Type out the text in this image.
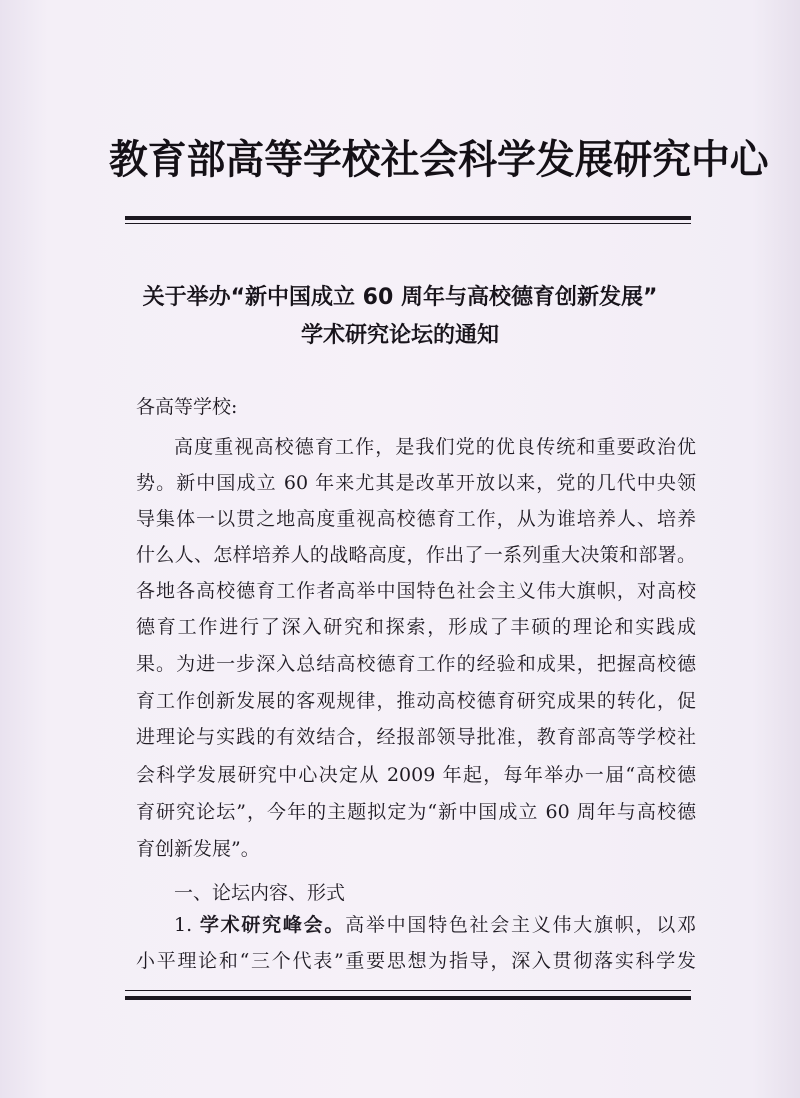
教育部高等学校社会科学发展研究中心
关于举办“新中国成立 60 周年与高校德育创新发展”
学术研究论坛的通知
各高等学校:
高度重视高校德育工作，是我们党的优良传统和重要政治优
势。新中国成立 60 年来尤其是改革开放以来，党的几代中央领
导集体一以贯之地高度重视高校德育工作，从为谁培养人、培养
什么人、怎样培养人的战略高度，作出了一系列重大决策和部署。
各地各高校德育工作者高举中国特色社会主义伟大旗帜，对高校
德育工作进行了深入研究和探索，形成了丰硕的理论和实践成
果。为进一步深入总结高校德育工作的经验和成果，把握高校德
育工作创新发展的客观规律，推动高校德育研究成果的转化，促
进理论与实践的有效结合，经报部领导批准，教育部高等学校社
会科学发展研究中心决定从 2009 年起，每年举办一届“高校德
育研究论坛”，今年的主题拟定为“新中国成立 60 周年与高校德
育创新发展”。
一、论坛内容、形式
1. 学术研究峰会。高举中国特色社会主义伟大旗帜，以邓
小平理论和“三个代表”重要思想为指导，深入贯彻落实科学发
